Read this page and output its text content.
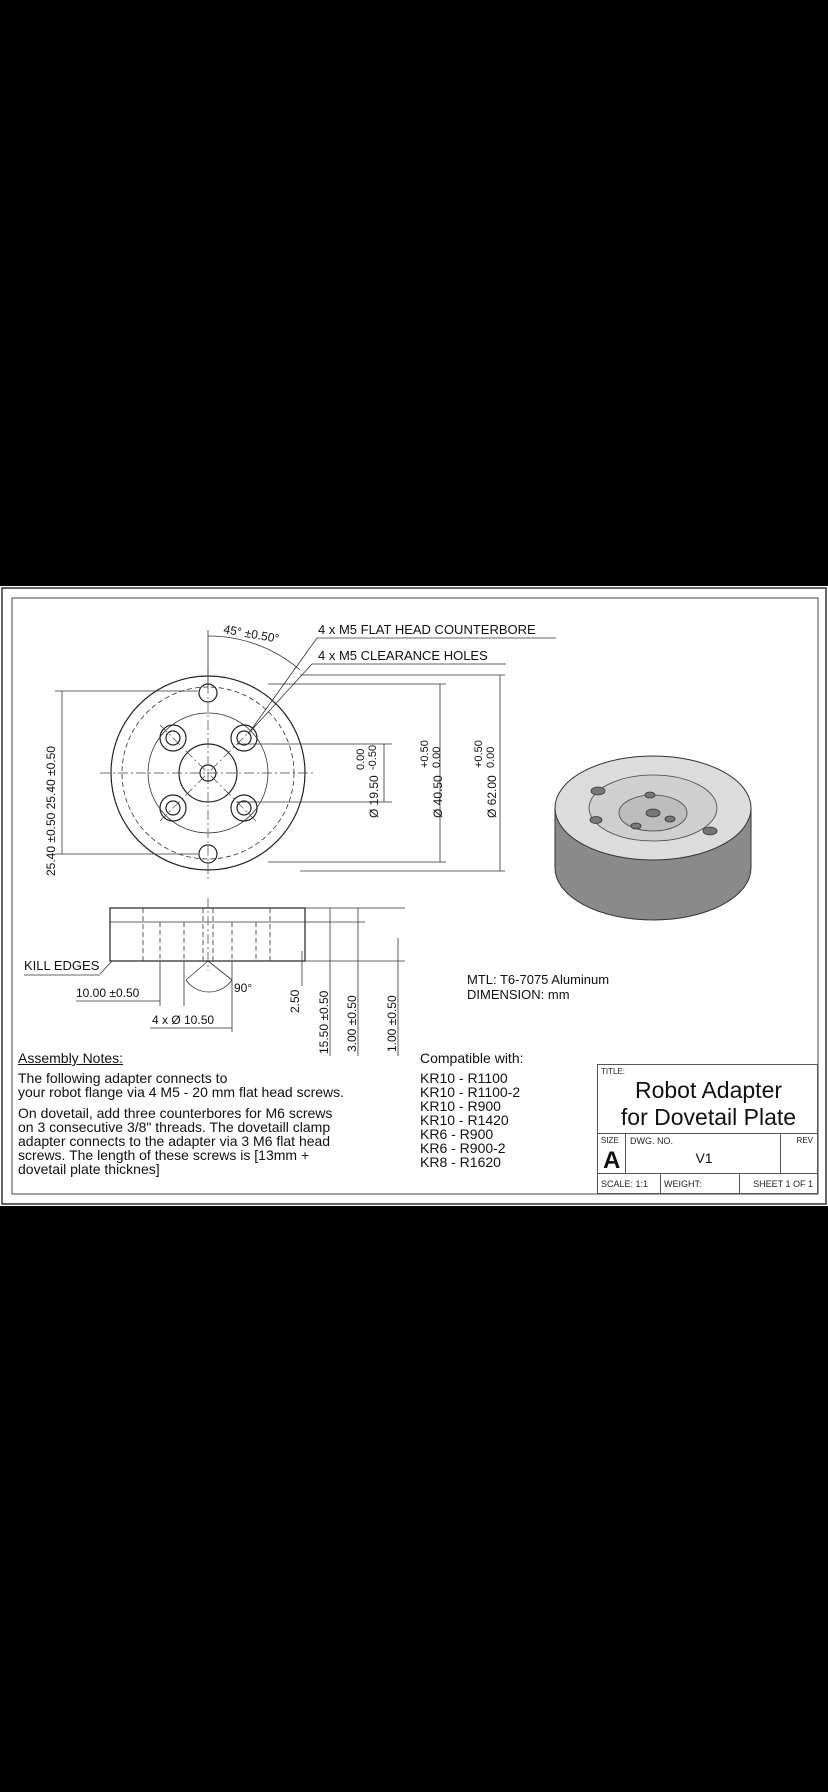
45° ±0.50°	4 x M5 FLAT HEAD COUNTERBORE
4 x M5 CLEARANCE HOLES
25.40 ±0.50 25.40 ±0.50	Ø 19.50
0.00 -0.50
Ø 40.50
+0.50 0.00
Ø 62.00
+0.50 0.00
KILL EDGES
90°
10.00 ±0.50
4 x Ø 10.50
2.50 15.50 ±0.50 3.00 ±0.50 1.00 ±0.50
MTL: T6-7075 Aluminum
DIMENSION: mm

Assembly Notes:

The following adapter connects to

your robot flange via 4 M5 - 20 mm flat head screws.

On dovetail, add three counterbores for M6 screws

on 3 consecutive 3/8" threads. The dovetaill clamp

adapter connects to the adapter via 3 M6 flat head

screws. The length of these screws is [13mm +

dovetail plate thicknes]

Compatible with:

KR10 - R1100

KR10 - R1100-2

KR10 - R900

KR10 - R1420

KR6 - R900

KR6 - R900-2

KR8 - R1620

TITLE:
Robot Adapter
for Dovetail Plate
SIZE
A
DWG. NO.
V1
REV
SCALE: 1:1 WEIGHT:	SHEET 1 OF 1
